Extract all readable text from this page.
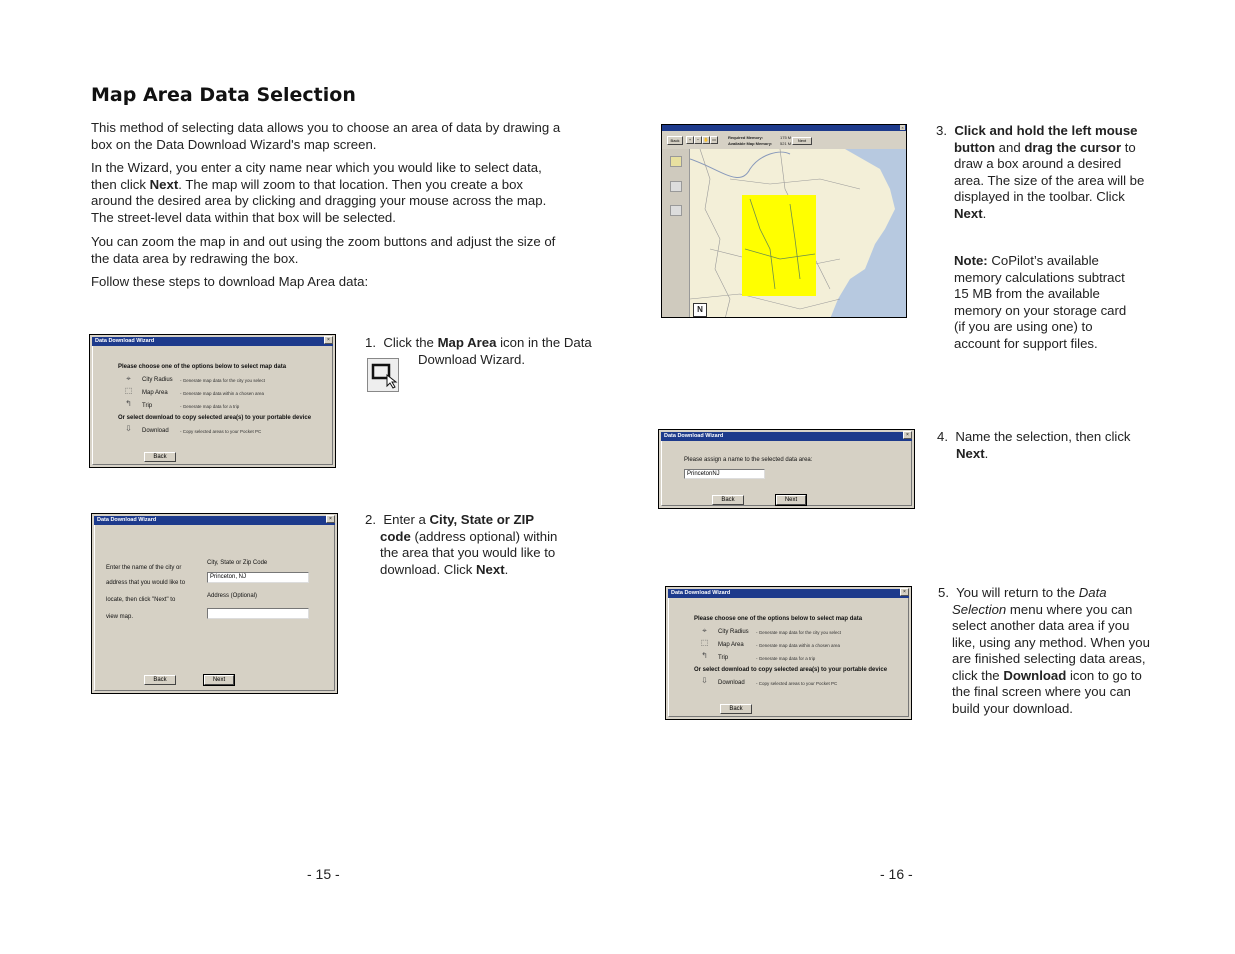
Map Area Data Selection

This method of selecting data allows you to choose an area of data by drawing a box on the Data Download Wizard's map screen.

In the Wizard, you enter a city name near which you would like to select data, then click Next. The map will zoom to that location. Then you create a box around the desired area by clicking and dragging your mouse across the map. The street-level data within that box will be selected.

You can zoom the map in and out using the zoom buttons and adjust the size of the data area by redrawing the box.

Follow these steps to download Map Area data:

Data Download Wizard	×
Please choose one of the options below to select map data
⌖	City Radius - Generate map data for the city you select
⬚ Map Area	- Generate map data within a chosen area
↰ Trip	- Generate map data for a trip
Or select download to copy selected area(s) to your portable device
⇩ Download	- Copy selected areas to your Pocket PC
Back
1. Click the Map Area icon in the Data Download Wizard.
Data Download Wizard	×
Enter the name of the city or
address that you would like to
locate, then click "Next" to
view map.
City, State or Zip Code
Princeton, NJ
Address (Optional)
Back	Next
2. Enter a City, State or ZIP code (address optional) within the area that you would like to download. Click Next.
- 15 -
×
Back	+	−	✋ ▭	Required Memory:
Available Map Memory:
175 M
521 M
Next
N
3. Click and hold the left mouse button and drag the cursor to draw a box around a desired area. The size of the area will be displayed in the toolbar. Click Next.
Note: CoPilot’s available memory calculations subtract 15 MB from the available memory on your storage card (if you are using one) to account for support files.
Data Download Wizard	×
Please assign a name to the selected data area:
PrincetonNJ
Back	Next
4. Name the selection, then click Next.
Data Download Wizard	×
Please choose one of the options below to select map data
⌖	City Radius - Generate map data for the city you select
⬚ Map Area	- Generate map data within a chosen area
↰ Trip	- Generate map data for a trip
Or select download to copy selected area(s) to your portable device
⇩ Download	- Copy selected areas to your Pocket PC
Back
5. You will return to the Data Selection menu where you can select another data area if you like, using any method. When you are finished selecting data areas, click the Download icon to go to the final screen where you can build your download.
- 16 -
